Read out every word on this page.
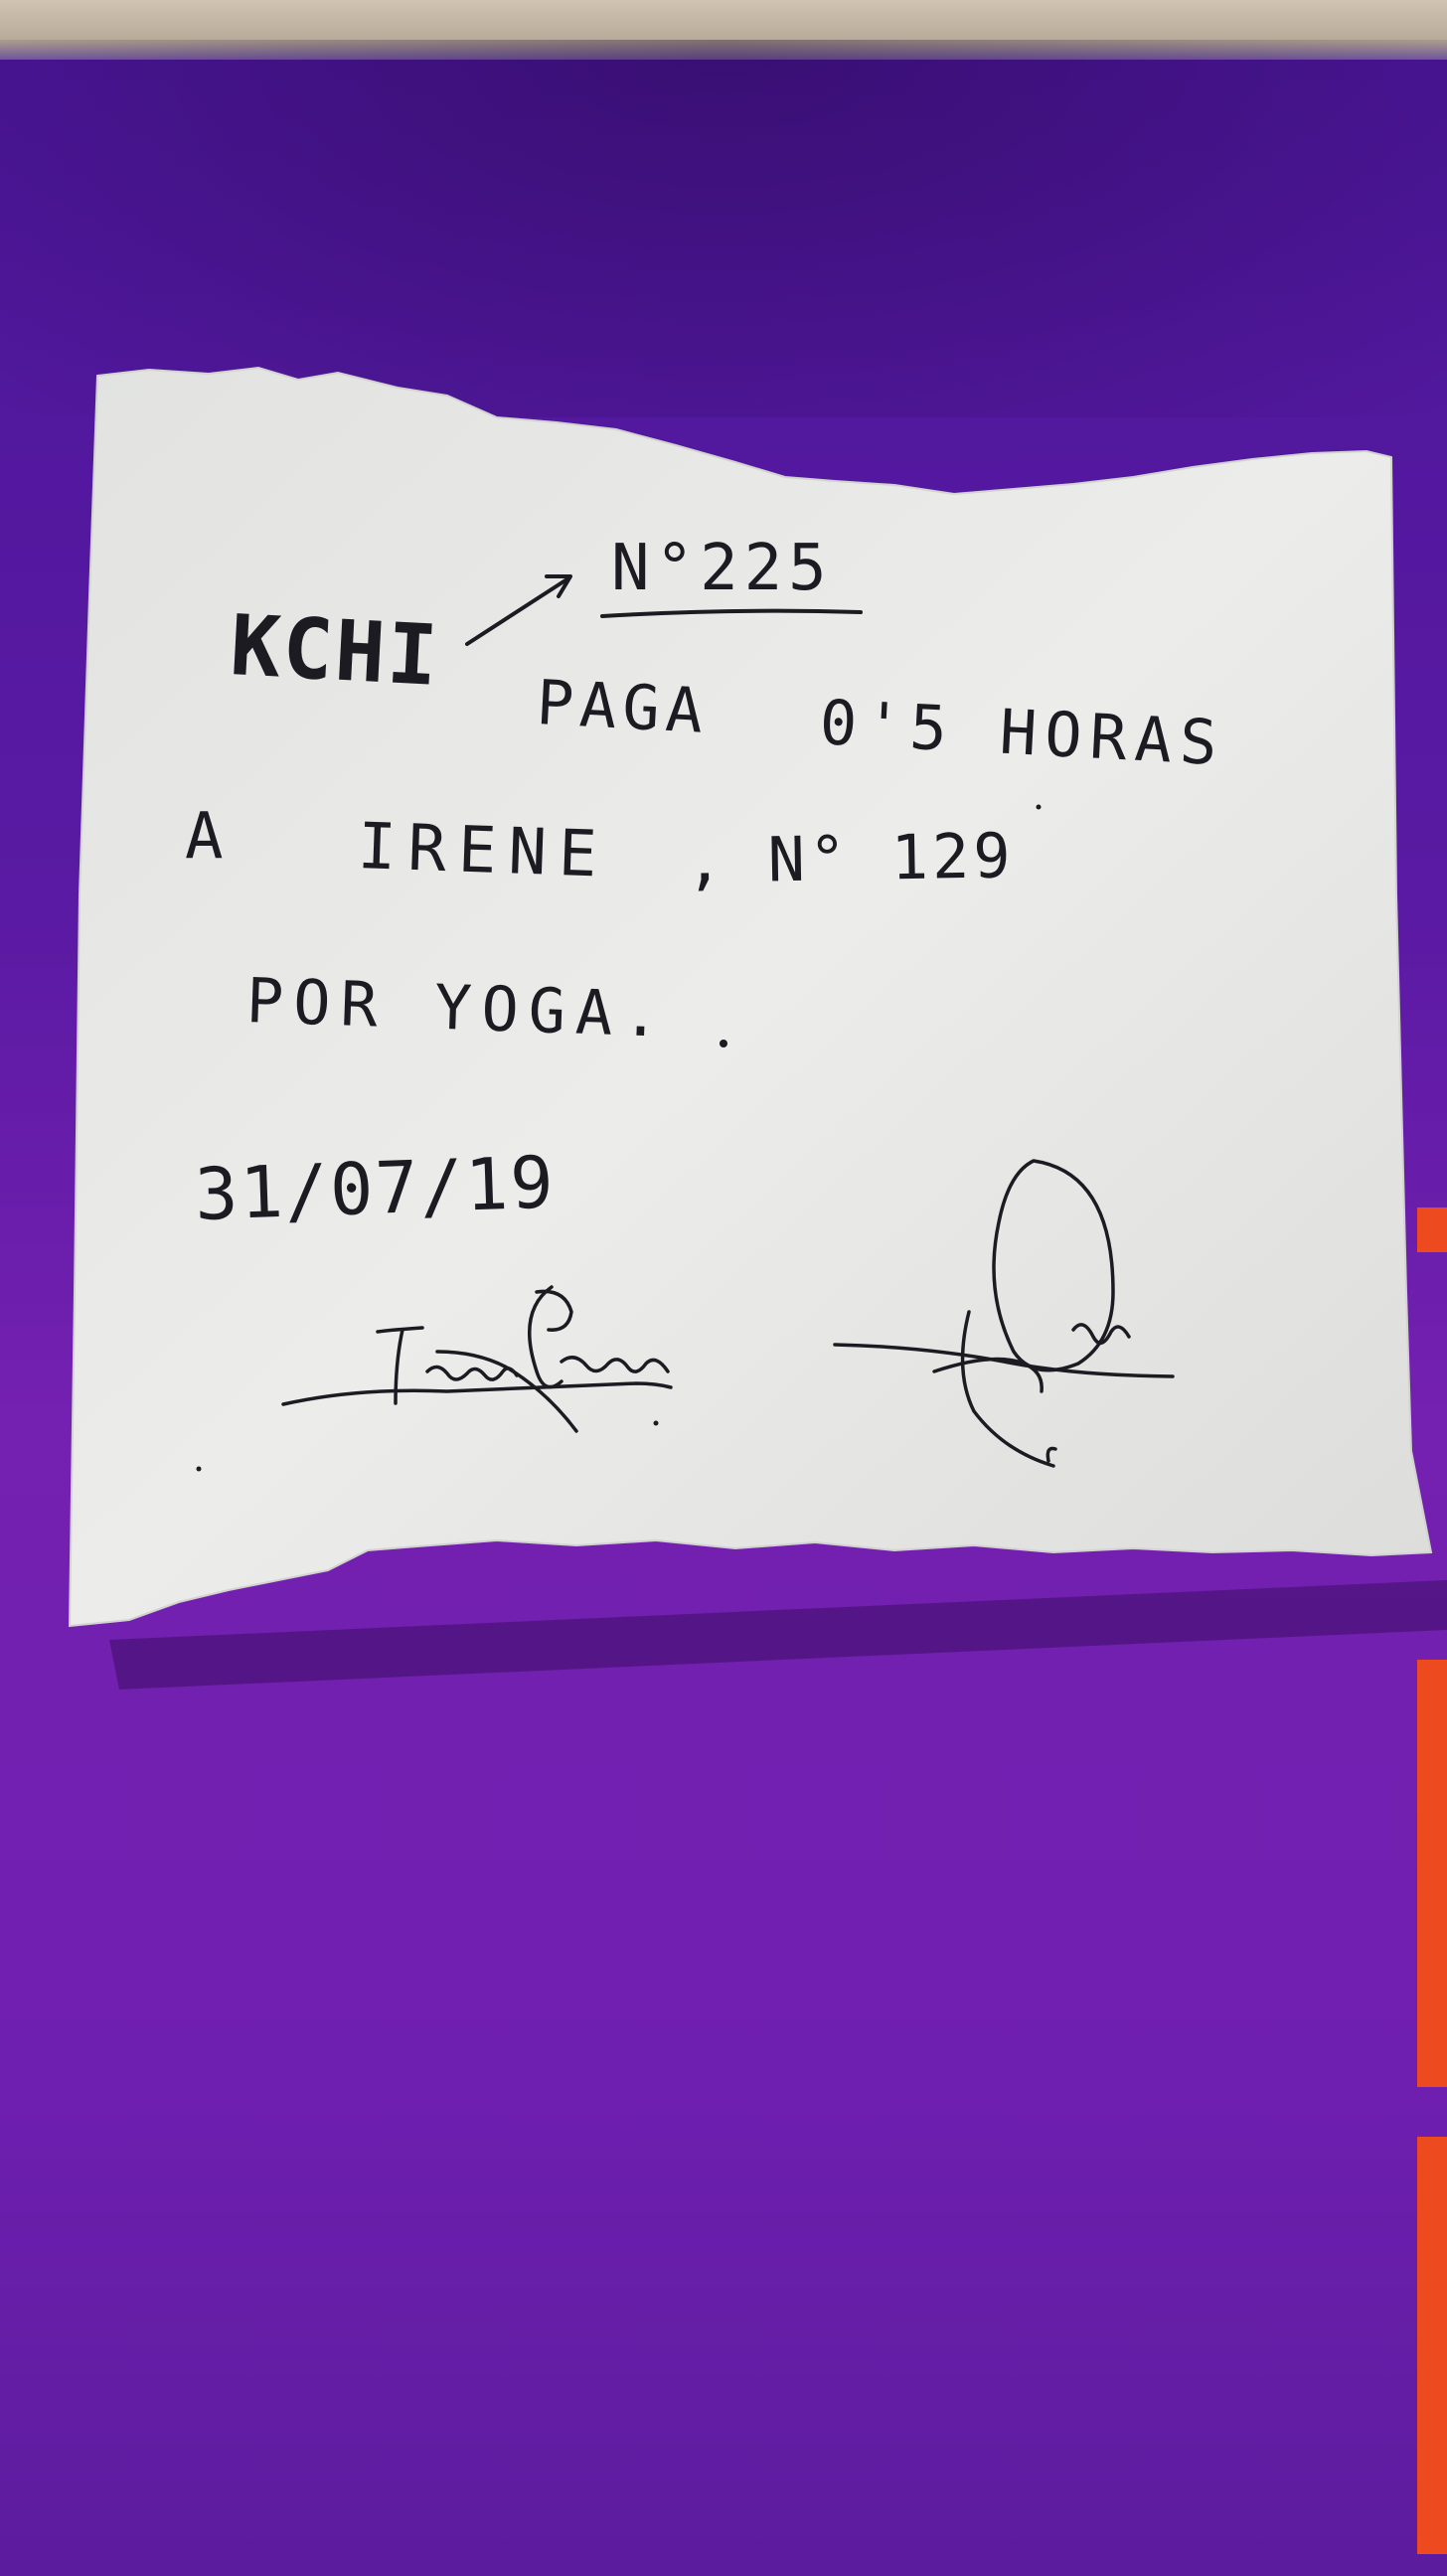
KCHI
N°225
PAGA 0'5 HORAS
A IRENE , N° 129
POR YOGA.
31/07/19
